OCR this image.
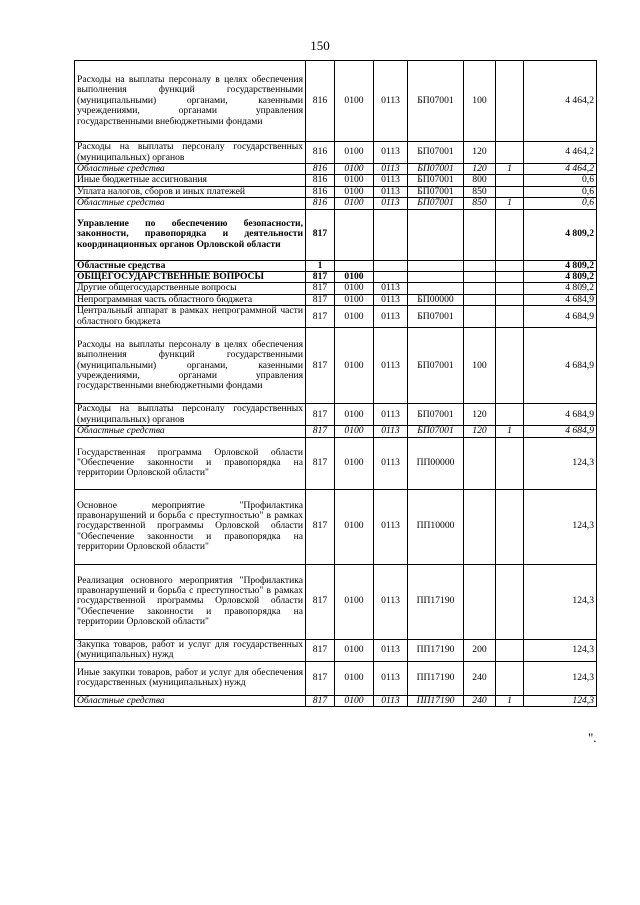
150
Расходы на выплаты персоналу в целях обеспечения выполнения функций государственными (муниципальными) органами, казенными учреждениями, органами управления государственными внебюджетными фондами	816	0100	0113	БП07001	100		4 464,2
Расходы на выплаты персоналу государственных (муниципальных) органов	816	0100	0113	БП07001	120		4 464,2
Областные средства	816	0100	0113	БП07001	120	1	4 464,2
Иные бюджетные ассигнования	816	0100	0113	БП07001	800		0,6
Уплата налогов, сборов и иных платежей	816	0100	0113	БП07001	850		0,6
Областные средства	816	0100	0113	БП07001	850	1	0,6
Управление по обеспечению безопасности, законности, правопорядка и деятельности координационных органов Орловской области	817						4 809,2
Областные средства	1						4 809,2
ОБЩЕГОСУДАРСТВЕННЫЕ ВОПРОСЫ	817	0100					4 809,2
Другие общегосударственные вопросы	817	0100	0113				4 809,2
Непрограммная часть областного бюджета	817	0100	0113	БП00000			4 684,9
Центральный аппарат в рамках непрограммной части областного бюджета	817	0100	0113	БП07001			4 684,9
Расходы на выплаты персоналу в целях обеспечения выполнения функций государственными (муниципальными) органами, казенными учреждениями, органами управления государственными внебюджетными фондами	817	0100	0113	БП07001	100		4 684,9
Расходы на выплаты персоналу государственных (муниципальных) органов	817	0100	0113	БП07001	120		4 684,9
Областные средства	817	0100	0113	БП07001	120	1	4 684,9
Государственная программа Орловской области "Обеспечение законности и правопорядка на территории Орловской области"	817	0100	0113	ПП00000			124,3
Основное мероприятие "Профилактика правонарушений и борьба с преступностью" в рамках государственной программы Орловской области "Обеспечение законности и правопорядка на территории Орловской области"	817	0100	0113	ПП10000			124,3
Реализация основного мероприятия "Профилактика правонарушений и борьба с преступностью" в рамках государственной программы Орловской области "Обеспечение законности и правопорядка на территории Орловской области"	817	0100	0113	ПП17190			124,3
Закупка товаров, работ и услуг для государственных (муниципальных) нужд	817	0100	0113	ПП17190	200		124,3
Иные закупки товаров, работ и услуг для обеспечения государственных (муниципальных) нужд	817	0100	0113	ПП17190	240		124,3
Областные средства	817	0100	0113	ПП17190	240	1	124,3
".
